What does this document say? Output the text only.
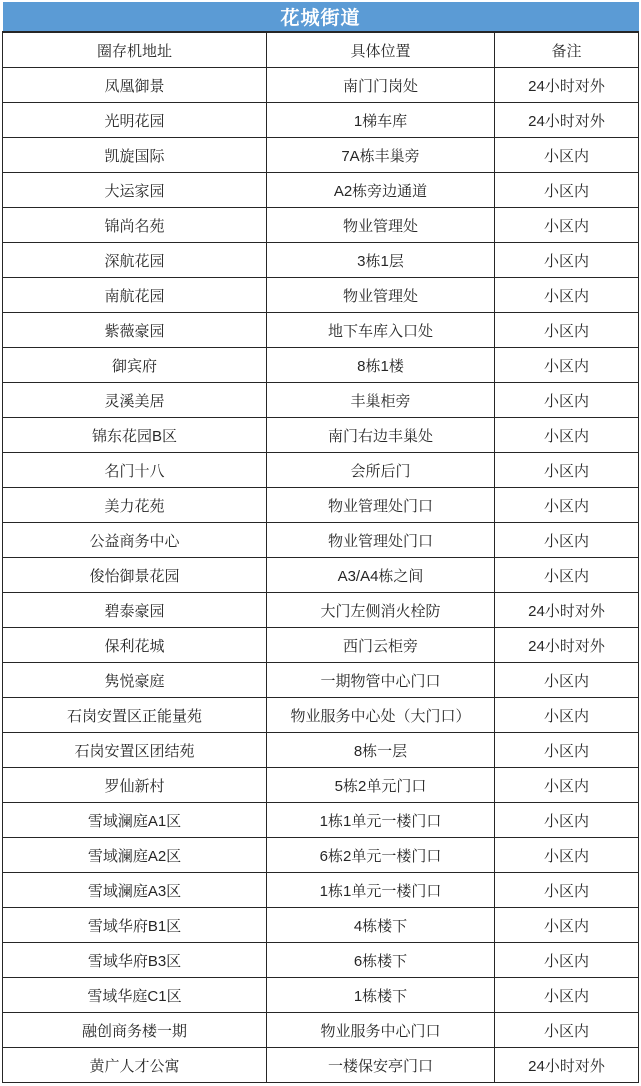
花城街道		
圈存机地址	具体位置	备注
凤凰御景	南门门岗处	24小时对外
光明花园	1梯车库	24小时对外
凯旋国际	7A栋丰巢旁	小区内
大运家园	A2栋旁边通道	小区内
锦尚名苑	物业管理处	小区内
深航花园	3栋1层	小区内
南航花园	物业管理处	小区内
紫薇豪园	地下车库入口处	小区内
御宾府	8栋1楼	小区内
灵溪美居	丰巢柜旁	小区内
锦东花园B区	南门右边丰巢处	小区内
名门十八	会所后门	小区内
美力花苑	物业管理处门口	小区内
公益商务中心	物业管理处门口	小区内
俊怡御景花园	A3/A4栋之间	小区内
碧泰豪园	大门左侧消火栓防	24小时对外
保利花城	西门云柜旁	24小时对外
隽悦豪庭	一期物管中心门口	小区内
石岗安置区正能量苑	物业服务中心处（大门口）	小区内
石岗安置区团结苑	8栋一层	小区内
罗仙新村	5栋2单元门口	小区内
雪域澜庭A1区	1栋1单元一楼门口	小区内
雪域澜庭A2区	6栋2单元一楼门口	小区内
雪域澜庭A3区	1栋1单元一楼门口	小区内
雪域华府B1区	4栋楼下	小区内
雪域华府B3区	6栋楼下	小区内
雪域华庭C1区	1栋楼下	小区内
融创商务楼一期	物业服务中心门口	小区内
黄广人才公寓	一楼保安亭门口	24小时对外
